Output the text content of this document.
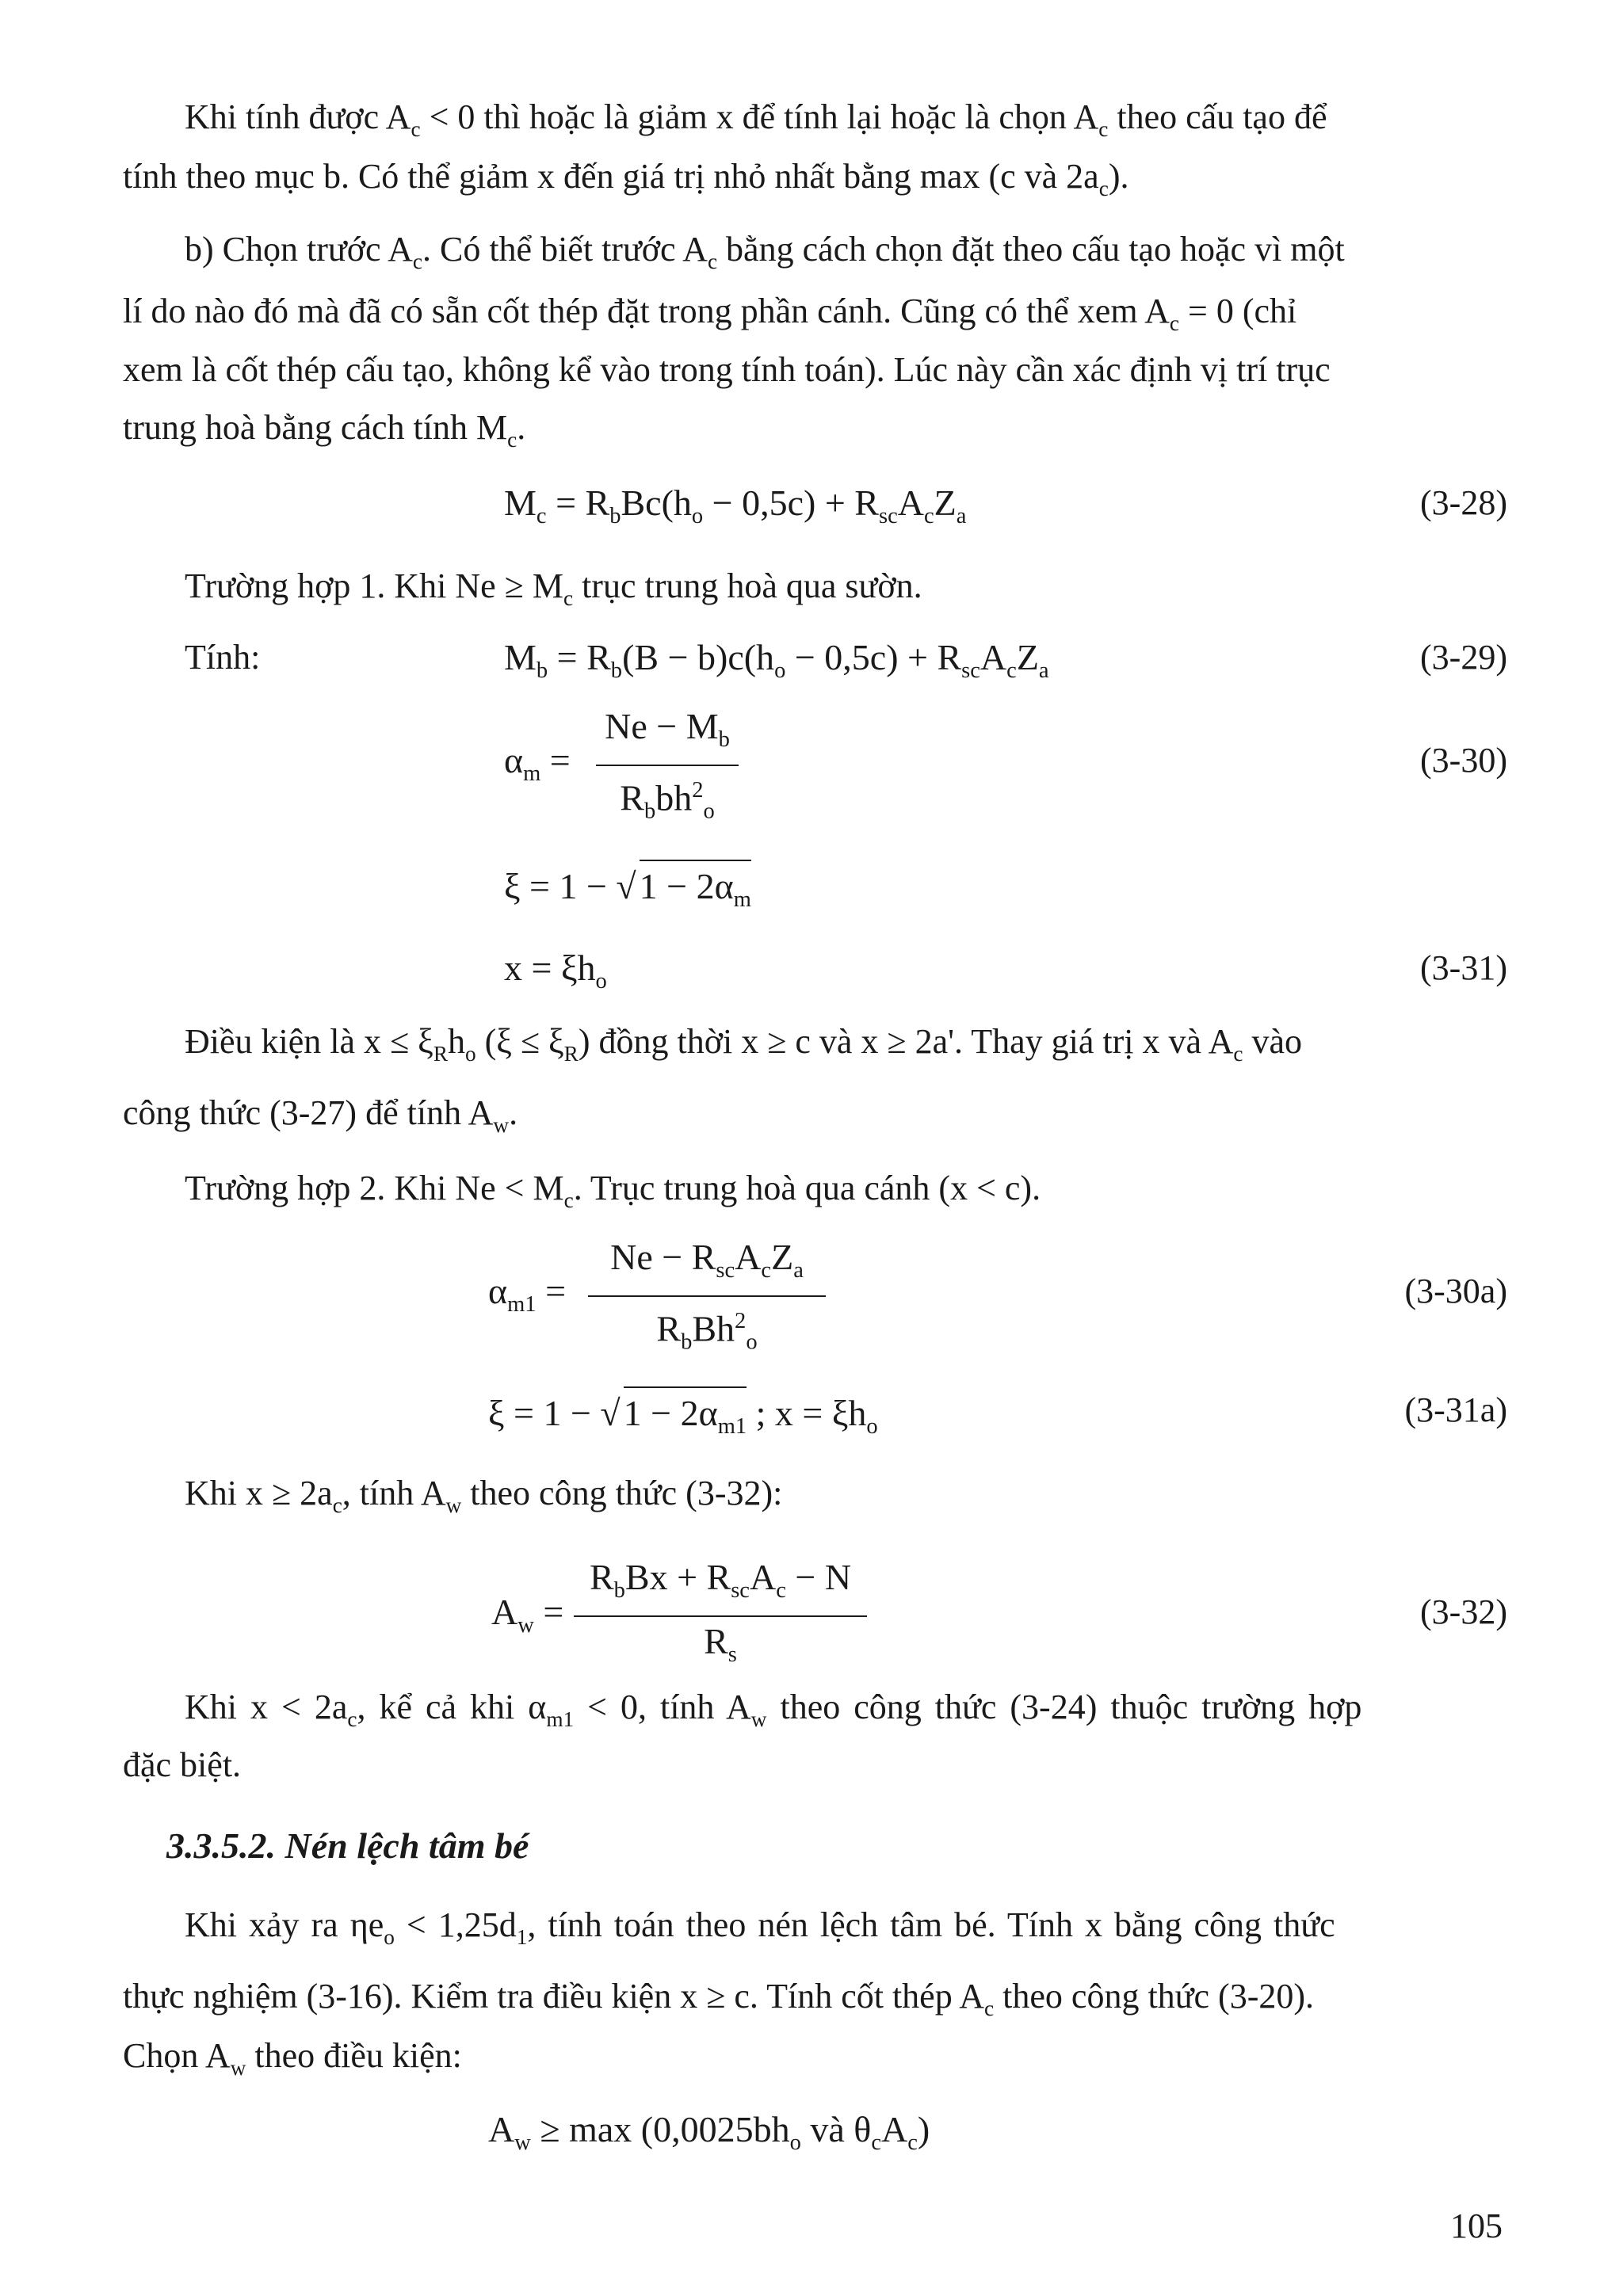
Khi tính được $A_c < 0$ thì hoặc là giảm x để tính lại hoặc là chọn $A_c$ theo cấu tạo để
tính theo mục b. Có thể giảm x đến giá trị nhỏ nhất bằng max (c và $2a_c$).
b) Chọn trước $A_c$. Có thể biết trước $A_c$ bằng cách chọn đặt theo cấu tạo hoặc vì một
lí do nào đó mà đã có sẵn cốt thép đặt trong phần cánh. Cũng có thể xem $A_c = 0$ (chỉ
xem là cốt thép cấu tạo, không kể vào trong tính toán). Lúc này cần xác định vị trí trục
trung hoà bằng cách tính $M_c$.
$M_c = R_bBc(h_o - 0,5c) + R_{sc}A_cZ_a$	(3-28)
Trường hợp 1. Khi $Ne \ge M_c$ trục trung hoà qua sườn.
Tính:	$M_b = R_b(B - b)c(h_o - 0,5c) + R_{sc}A_cZ_a$	(3-29)
$\alpha_m$ =
$Ne - M_b$
$R_bbh^2_o$
(3-30)
$\xi = 1 - √1 - 2\alpha_m$
$x = \xi h_o$	(3-31)
Điều kiện là $x \le \xi_Rh_o$ $(\xi \le \xi_R)$ đồng thời x ≥ c và x ≥ 2a'. Thay giá trị x và $A_c$ vào
công thức (3-27) để tính $A_w$.
Trường hợp 2. Khi $Ne < M_c$. Trục trung hoà qua cánh (x < c).
$\alpha_{m1}$ =
$Ne - R_{sc}A_cZ_a$
$R_bBh^2_o$
(3-30a)
$\xi = 1 - √1 - 2\alpha_{m1}$ ; $x = \xi h_o$	(3-31a)
Khi $x \ge 2a_c$, tính $A_w$ theo công thức (3-32):
$A_w$ =
$R_bBx + R_{sc}A_c - N$
$R_s$
(3-32)
Khi $x < 2a_c$, kể cả khi $\alpha_{m1} < 0$, tính $A_w$ theo công thức (3-24) thuộc trường hợp
đặc biệt.
3.3.5.2. Nén lệch tâm bé
Khi xảy ra $\eta e_o < 1,25d_1$, tính toán theo nén lệch tâm bé. Tính x bằng công thức
thực nghiệm (3-16). Kiểm tra điều kiện x ≥ c. Tính cốt thép $A_c$ theo công thức (3-20).
Chọn $A_w$ theo điều kiện:
$A_w \ge \max (0,0025bh_o$ và $\theta_cA_c$)
105
